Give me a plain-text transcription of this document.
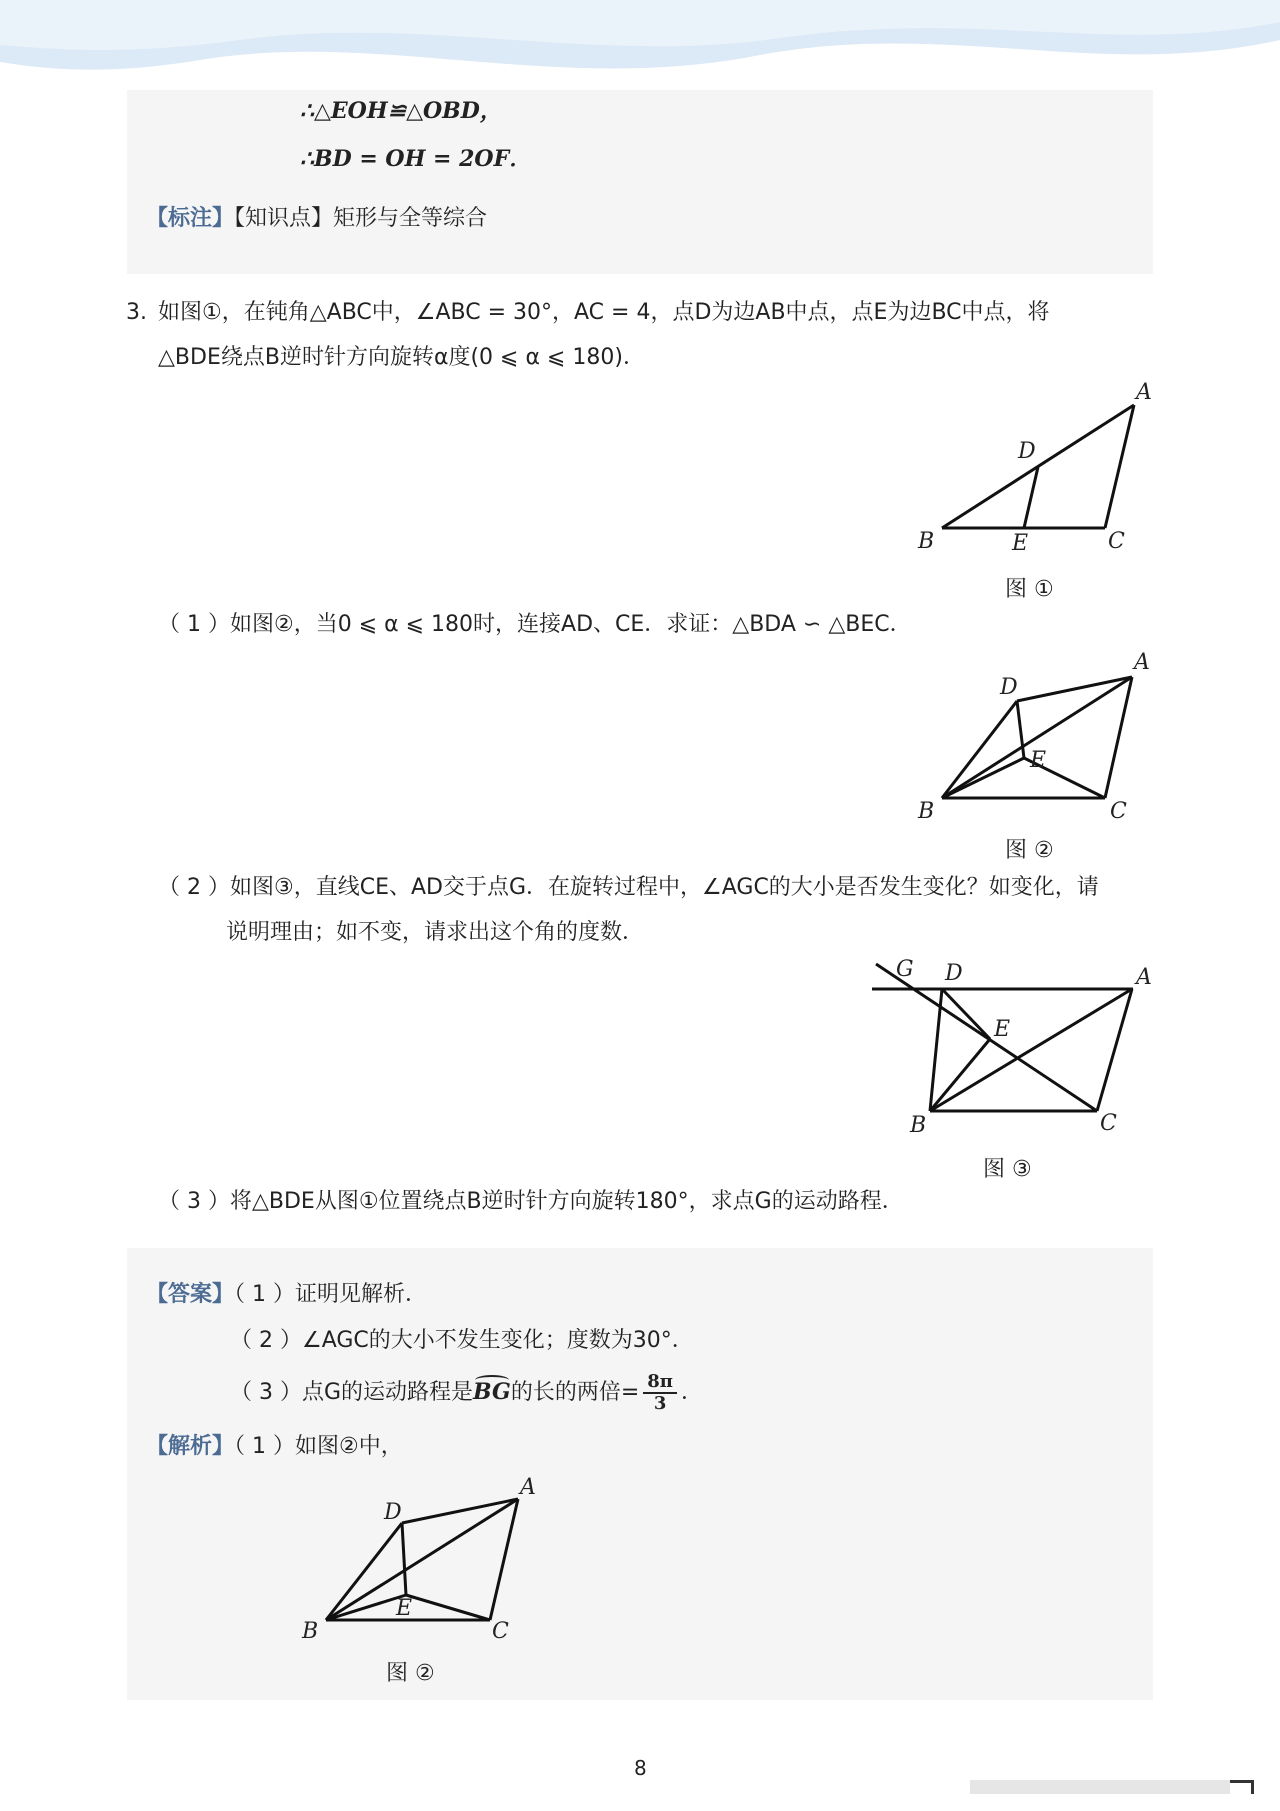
∴△EOH≌△OBD，
∴BD = OH = 2OF．
【标注】【知识点】矩形与全等综合
3. 如图①，在钝角△ABC中，∠ABC = 30°，AC = 4，点D为边AB中点，点E为边BC中点，将
△BDE绕点B逆时针方向旋转α度(0 ⩽ α ⩽ 180)．
A
D
B	E	C
图 ①
（ 1 ）如图②，当0 ⩽ α ⩽ 180时，连接AD、CE．求证：△BDA ∽ △BEC．
A
D
E
B	C
图 ②
（ 2 ）如图③，直线CE、AD交于点G．在旋转过程中，∠AGC的大小是否发生变化？如变化，请
说明理由；如不变，请求出这个角的度数．
G D	A
E
B	C
图 ③
（ 3 ）将△BDE从图①位置绕点B逆时针方向旋转180°，求点G的运动路程．
【答案】（ 1 ）证明见解析．
（ 2 ）∠AGC的大小不发生变化；度数为30°．
（ 3 ）点G的运动路程是BG的长的两倍= $\frac{8\pi}{3}$ ．
【解析】（ 1 ）如图②中，
A
D
E
B	C
图 ②
8
